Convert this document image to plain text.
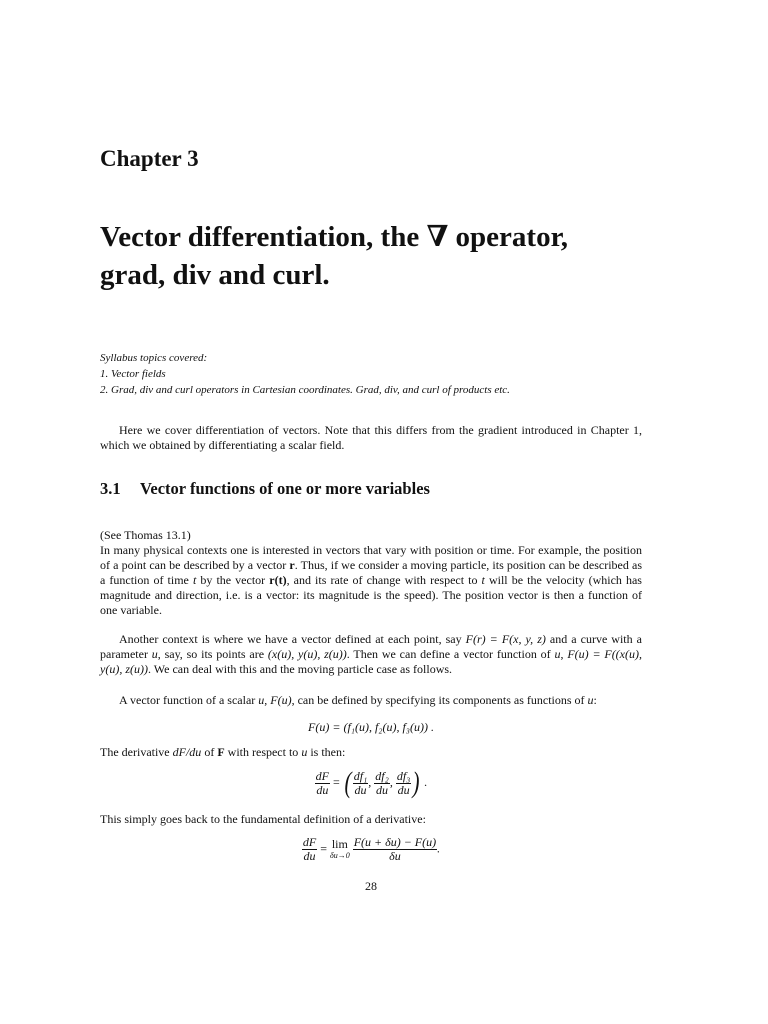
Chapter 3
Vector differentiation, the ∇ operator,
grad, div and curl.
Syllabus topics covered:
1. Vector fields
2. Grad, div and curl operators in Cartesian coordinates. Grad, div, and curl of products etc.

Here we cover differentiation of vectors. Note that this differs from the gradient introduced in Chapter 1, which we obtained by differentiating a scalar field.

3.1 Vector functions of one or more variables
(See Thomas 13.1)

In many physical contexts one is interested in vectors that vary with position or time. For example, the position of a point can be described by a vector r. Thus, if we consider a moving particle, its position can be described as a function of time t by the vector r(t), and its rate of change with respect to t will be the velocity (which has magnitude and direction, i.e. is a vector: its magnitude is the speed). The position vector is then a function of one variable.

Another context is where we have a vector defined at each point, say F(r) = F(x, y, z) and a curve with a parameter u, say, so its points are (x(u), y(u), z(u)). Then we can define a vector function of u, F(u) = F((x(u), y(u), z(u)). We can deal with this and the moving particle case as follows.

A vector function of a scalar u, F(u), can be defined by specifying its components as functions of u:

F(u) = (f₁(u), f₂(u), f₃(u)) .

The derivative dF/du of F with respect to u is then:

$\frac{dF}{du}$ = ( $\frac{\text{df₁}}{du}$ , $\frac{\text{df₂}}{du}$ , $\frac{\text{df₃}}{du}$ ) .

This simply goes back to the fundamental definition of a derivative:

$\frac{dF}{du} = \lim$
δu→0
$\frac{F(u + \delta u) - F(u)}{\delta u}$ .
28
